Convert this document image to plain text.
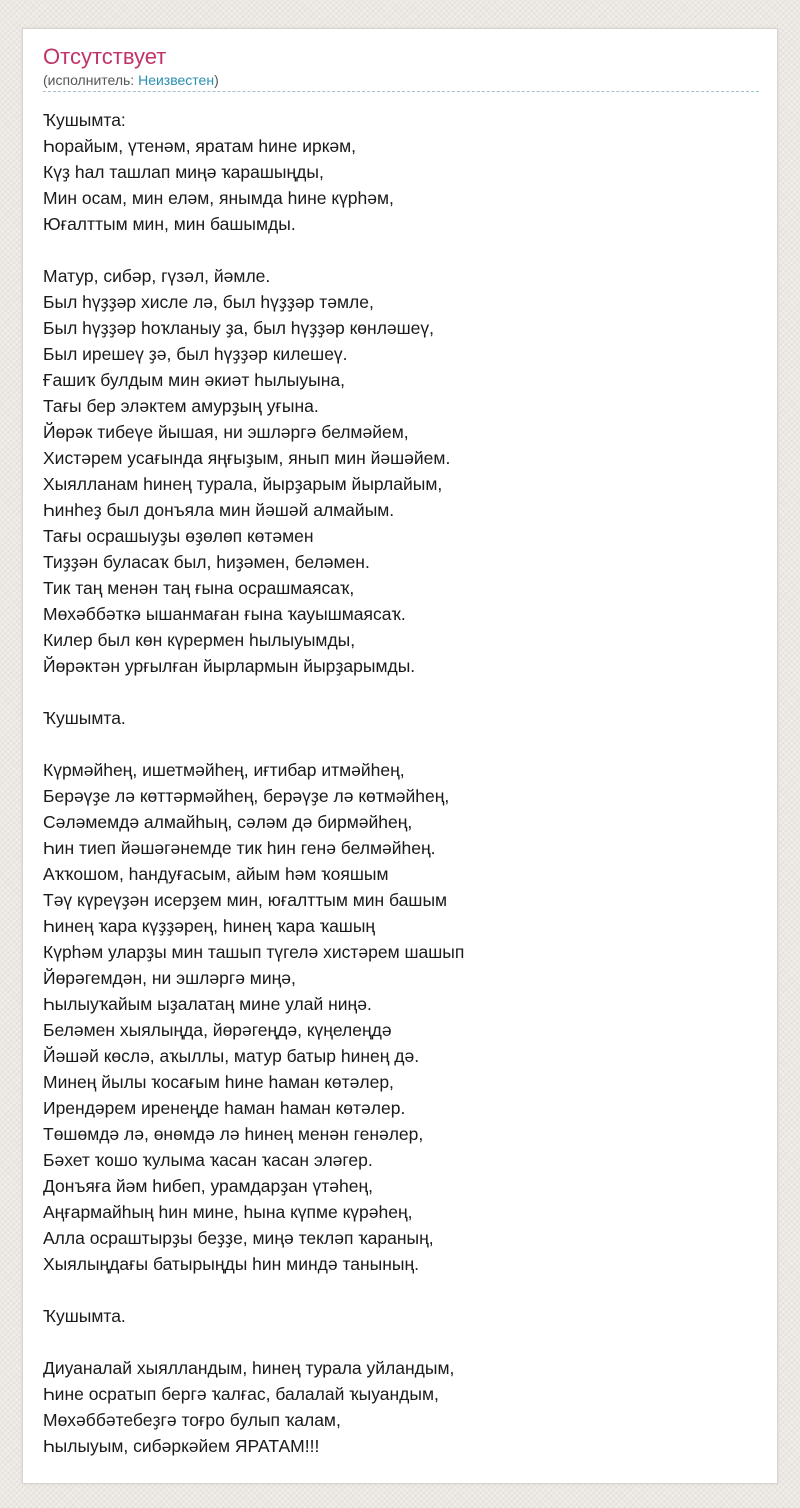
Отсутствует
(исполнитель: Неизвестен)
Ҡушымта:
Һорайым, үтенәм, яратам һине иркәм,
Күҙ һал ташлап миңә ҡарашыңды,
Мин осам, мин еләм, янымда һине күрһәм,
Юғалттым мин, мин башымды.
Матур, сибәр, гүзәл, йәмле.
Был һүҙҙәр хисле лә, был һүҙҙәр тәмле,
Был һүҙҙәр һоҡланыу ҙа, был һүҙҙәр көнләшеү,
Был ирешеү ҙә, был һүҙҙәр килешеү.
Ғашиҡ булдым мин әкиәт һылыуына,
Тағы бер эләктем амурҙың уғына.
Йөрәк тибеүе йышая, ни эшләргә белмәйем,
Хистәрем усағында яңғыҙым, янып мин йәшәйем.
Хыялланам һинең турала, йырҙарым йырлайым,
Һинһеҙ был донъяла мин йәшәй алмайым.
Тағы осрашыуҙы өҙөлөп көтәмен
Тиҙҙән буласаҡ был, һиҙәмен, беләмен.
Тик таң менән таң ғына осрашмаясаҡ,
Мөхәббәткә ышанмаған ғына ҡауышмаясаҡ.
Килер был көн күрермен һылыуымды,
Йөрәктән урғылған йырлармын йырҙарымды.
Ҡушымта.
Күрмәйһең, ишетмәйһең, иғтибар итмәйһең,
Берәүҙе лә көттәрмәйһең, берәүҙе лә көтмәйһең,
Сәләмемдә алмайһың, сәләм дә бирмәйһең,
Һин тиеп йәшәгәнемде тик һин генә белмәйһең.
Аҡҡошом, һандуғасым, айым һәм ҡояшым
Тәү күреүҙән исерҙем мин, юғалттым мин башым
Һинең ҡара күҙҙәрең, һинең ҡара ҡашың
Күрһәм уларҙы мин ташып түгелә хистәрем шашып
Йөрәгемдән, ни эшләргә миңә,
Һылыуҡайым ыҙалатаң мине улай ниңә.
Беләмен хыялыңда, йөрәгеңдә, күңелеңдә
Йәшәй көслә, аҡыллы, матур батыр һинең дә.
Минең йылы ҡосағым һине һаман көтәлер,
Ирендәрем иренеңде һаман һаман көтәлер.
Төшөмдә лә, өнөмдә лә һинең менән генәлер,
Бәхет ҡошо ҡулыма ҡасан ҡасан эләгер.
Донъяға йәм һибеп, урамдарҙан үтәһең,
Аңғармайһың һин мине, һына күпме күрәһең,
Алла осраштырҙы беҙҙе, миңә текләп ҡараның,
Хыялыңдағы батырыңды һин миндә танының.
Ҡушымта.
Диуаналай хыялландым, һинең турала уйландым,
Һине осратып бергә ҡалғас, балалай ҡыуандым,
Мөхәббәтебеҙгә тоғро булып ҡалам,
Һылыуым, сибәркәйем ЯРАТАМ!!!
